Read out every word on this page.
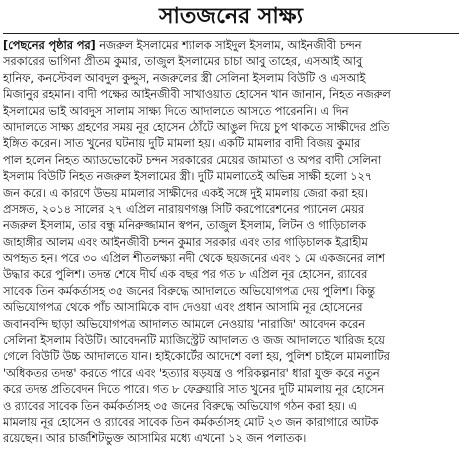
সাতজনের সাক্ষ্য
[পেছনের পৃষ্ঠার পর] নজরুল ইসলামের শ্যালক সাইদুল ইসলাম, আইনজীবী চন্দন
সরকারের ভাগিনা প্রীতম কুমার, তাজুল ইসলামের চাচা আবু তাহের, এসআই আবু
হানিফ, কনস্টেবল আবদুল কুদ্দুস, নজরুলের স্ত্রী সেলিনা ইসলাম বিউটি ও এসআই
মিজানুর রহমান। বাদী পক্ষের আইনজীবী সাখাওয়াত হোসেন খান জানান, নিহত নজরুল
ইসলামের ভাই আবদুস সালাম সাক্ষ্য দিতে আদালতে আসতে পারেননি। এ দিন
আদালতে সাক্ষ্য গ্রহণের সময় নূর হোসেন ঠোঁটে আঙুল দিয়ে চুপ থাকতে সাক্ষীদের প্রতি
ইঙ্গিত করেন। সাত খুনের ঘটনায় দুটি মামলা হয়। একটি মামলার বাদী বিজয় কুমার
পাল হলেন নিহত অ্যাডভোকেট চন্দন সরকারের মেয়ের জামাতা ও অপর বাদী সেলিনা
ইসলাম বিউটি নিহত নজরুল ইসলামের স্ত্রী। দুটি মামলাতেই অভিন্ন সাক্ষী হলো ১২৭
জন করে। এ কারণে উভয় মামলার সাক্ষীদের একই সঙ্গে দুই মামলায় জেরা করা হয়।
প্রসঙ্গত, ২০১৪ সালের ২৭ এপ্রিল নারায়ণগঞ্জ সিটি করপোরেশনের প্যানেল মেয়র
নজরুল ইসলাম, তার বন্ধু মনিরুজ্জামান স্বপন, তাজুল ইসলাম, লিটন ও গাড়িচালক
জাহাঙ্গীর আলম এবং আইনজীবী চন্দন কুমার সরকার এবং তার গাড়িচালক ইব্রাহীম
অপহৃত হন। পরে ৩০ এপ্রিল শীতলক্ষ্যা নদী থেকে ছয়জনের এবং ১ মে একজনের লাশ
উদ্ধার করে পুলিশ। তদন্ত শেষে দীর্ঘ এক বছর পর গত ৮ এপ্রিল নূর হোসেন, র‍্যাবের
সাবেক তিন কর্মকর্তাসহ ৩৫ জনের বিরুদ্ধে আদালতে অভিযোগপত্র দেয় পুলিশ। কিন্তু
অভিযোগপত্র থেকে পাঁচ আসামিকে বাদ দেওয়া এবং প্রধান আসামি নূর হোসেনের
জবানবন্দি ছাড়া অভিযোগপত্র আদালত আমলে নেওয়ায় 'নারাজি' আবেদন করেন
সেলিনা ইসলাম বিউটি। আবেদনটি ম্যাজিস্ট্রেট আদালত ও জজ আদালতে খারিজ হয়ে
গেলে বিউটি উচ্চ আদালতে যান। হাইকোর্টের আদেশে বলা হয়, পুলিশ চাইলে মামলাটির
'অধিকতর তদন্ত' করতে পারে এবং 'হত্যার ষড়যন্ত্র ও পরিকল্পনার' ধারা যুক্ত করে নতুন
করে তদন্ত প্রতিবেদন দিতে পারে। গত ৮ ফেব্রুয়ারি সাত খুনের দুটি মামলায় নূর হোসেন
ও র‍্যাবের সাবেক তিন কর্মকর্তাসহ ৩৫ জনের বিরুদ্ধে অভিযোগ গঠন করা হয়। এ
মামলায় নূর হোসেন ও র‍্যাবের সাবেক তিন কর্মকর্তাসহ মোট ২৩ জন কারাগারে আটক
রয়েছেন। আর চার্জশিটভুক্ত আসামির মধ্যে এখনো ১২ জন পলাতক।
